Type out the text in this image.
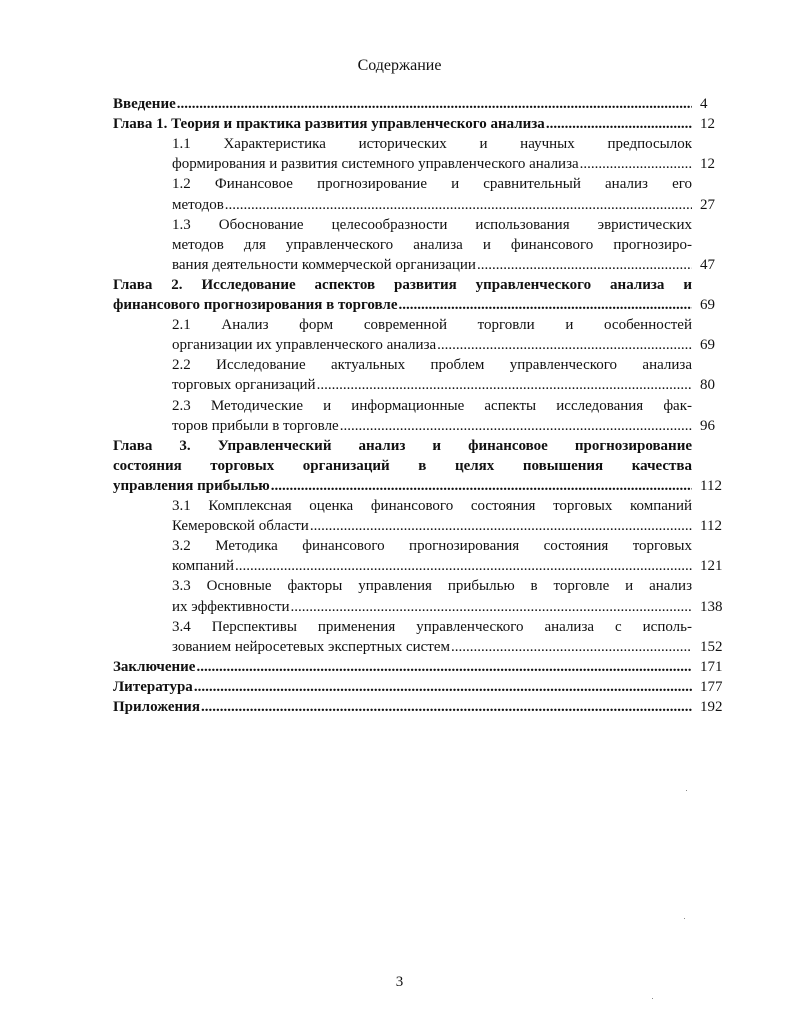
Содержание
Введение .....	4
Глава 1. Теория и практика развития управленческого анализа .....	12
1.1 Характеристика исторических и научных предпосылок
формирования и развития системного управленческого анализа .....	12
1.2 Финансовое прогнозирование и сравнительный анализ его
методов .....	27
1.3 Обоснование целесообразности использования эвристических
методов для управленческого анализа и финансового прогнозиро-
вания деятельности коммерческой организации .....	47
Глава 2. Исследование аспектов развития управленческого анализа и
финансового прогнозирования в торговле .....	69
2.1 Анализ форм современной торговли и особенностей
организации их управленческого анализа .....	69
2.2 Исследование актуальных проблем управленческого анализа
торговых организаций .....	80
2.3 Методические и информационные аспекты исследования фак-
торов прибыли в торговле .....	96
Глава 3. Управленческий анализ и финансовое прогнозирование
состояния торговых организаций в целях повышения качества
управления прибылью .....	112
3.1 Комплексная оценка финансового состояния торговых компаний
Кемеровской области .....	112
3.2 Методика финансового прогнозирования состояния торговых
компаний .....	121
3.3 Основные факторы управления прибылью в торговле и анализ
их эффективности .....	138
3.4 Перспективы применения управленческого анализа с исполь-
зованием нейросетевых экспертных систем .....	152
Заключение .....	171
Литература .....	177
Приложения .....	192
3
